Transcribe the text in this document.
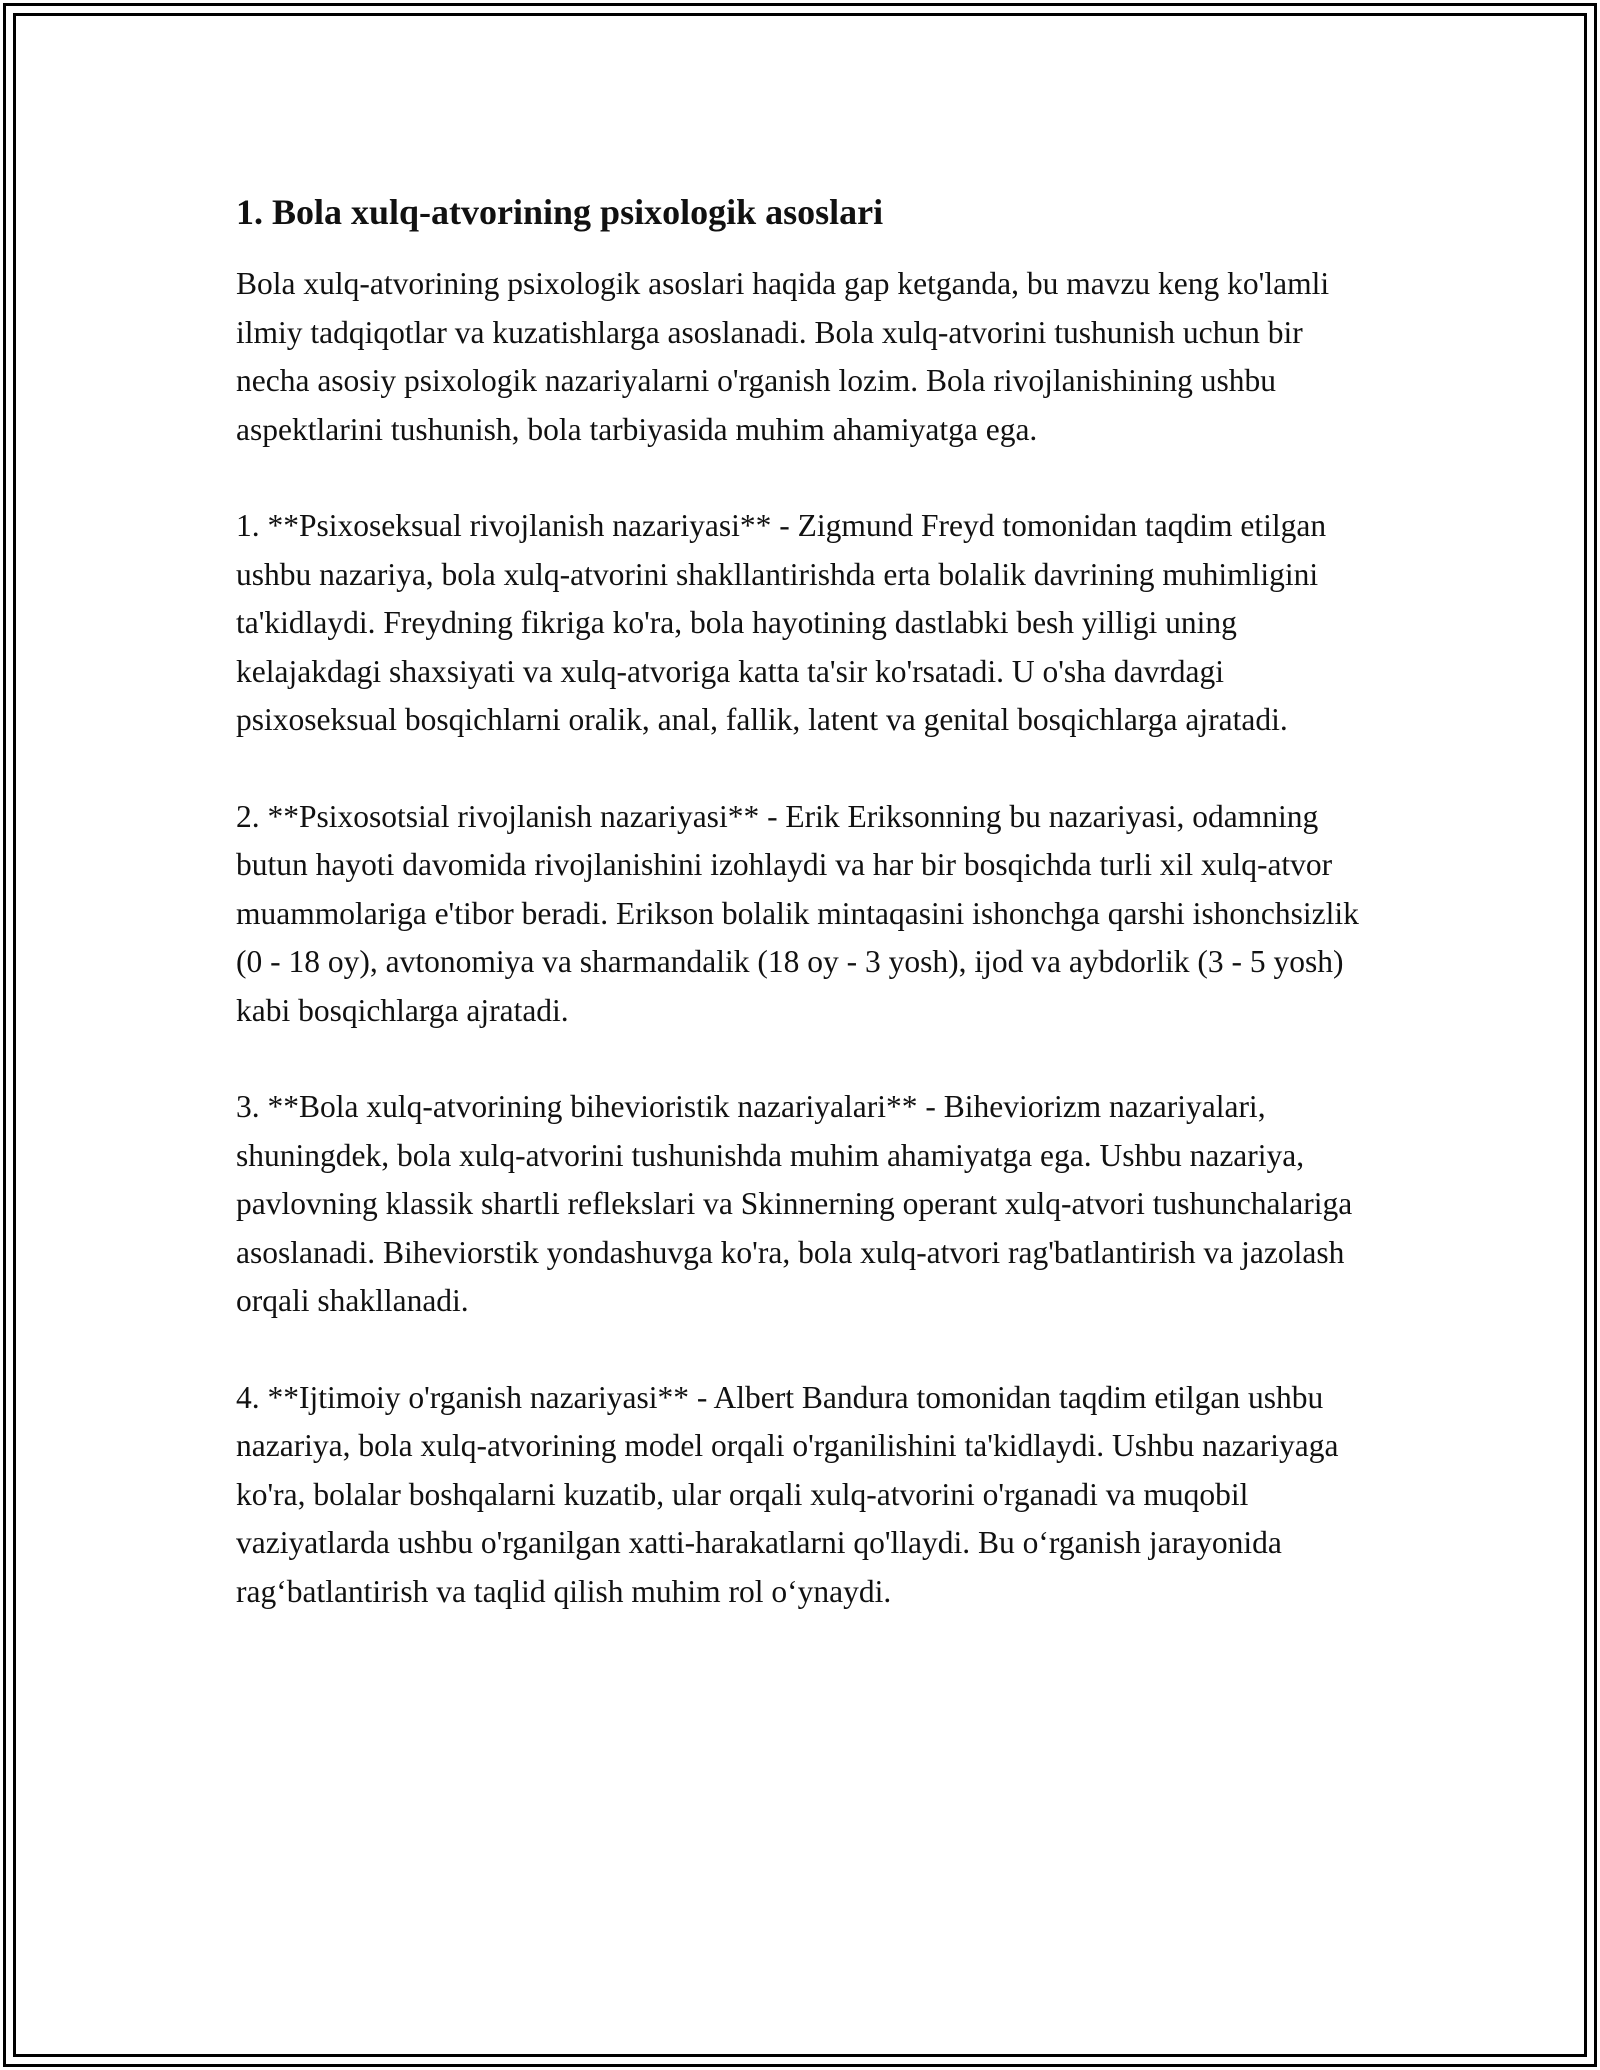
1. Bola xulq-atvorining psixologik asoslari

Bola xulq-atvorining psixologik asoslari haqida gap ketganda, bu mavzu keng ko'lamli ilmiy tadqiqotlar va kuzatishlarga asoslanadi. Bola xulq-atvorini tushunish uchun bir necha asosiy psixologik nazariyalarni o'rganish lozim. Bola rivojlanishining ushbu aspektlarini tushunish, bola tarbiyasida muhim ahamiyatga ega.

1. **Psixoseksual rivojlanish nazariyasi** - Zigmund Freyd tomonidan taqdim etilgan ushbu nazariya, bola xulq-atvorini shakllantirishda erta bolalik davrining muhimligini ta'kidlaydi. Freydning fikriga ko'ra, bola hayotining dastlabki besh yilligi uning kelajakdagi shaxsiyati va xulq-atvoriga katta ta'sir ko'rsatadi. U o'sha davrdagi psixoseksual bosqichlarni oralik, anal, fallik, latent va genital bosqichlarga ajratadi.

2. **Psixosotsial rivojlanish nazariyasi** - Erik Eriksonning bu nazariyasi, odamning butun hayoti davomida rivojlanishini izohlaydi va har bir bosqichda turli xil xulq-atvor muammolariga e'tibor beradi. Erikson bolalik mintaqasini ishonchga qarshi ishonchsizlik (0 - 18 oy), avtonomiya va sharmandalik (18 oy - 3 yosh), ijod va aybdorlik (3 - 5 yosh) kabi bosqichlarga ajratadi.

3. **Bola xulq-atvorining bihevioristik nazariyalari** - Biheviorizm nazariyalari, shuningdek, bola xulq-atvorini tushunishda muhim ahamiyatga ega. Ushbu nazariya, pavlovning klassik shartli reflekslari va Skinnerning operant xulq-atvori tushunchalariga asoslanadi. Biheviorstik yondashuvga ko'ra, bola xulq-atvori rag'batlantirish va jazolash orqali shakllanadi.

4. **Ijtimoiy o'rganish nazariyasi** - Albert Bandura tomonidan taqdim etilgan ushbu nazariya, bola xulq-atvorining model orqali o'rganilishini ta'kidlaydi. Ushbu nazariyaga ko'ra, bolalar boshqalarni kuzatib, ular orqali xulq-atvorini o'rganadi va muqobil vaziyatlarda ushbu o'rganilgan xatti-harakatlarni qo'llaydi. Bu o‘rganish jarayonida rag‘batlantirish va taqlid qilish muhim rol o‘ynaydi.
